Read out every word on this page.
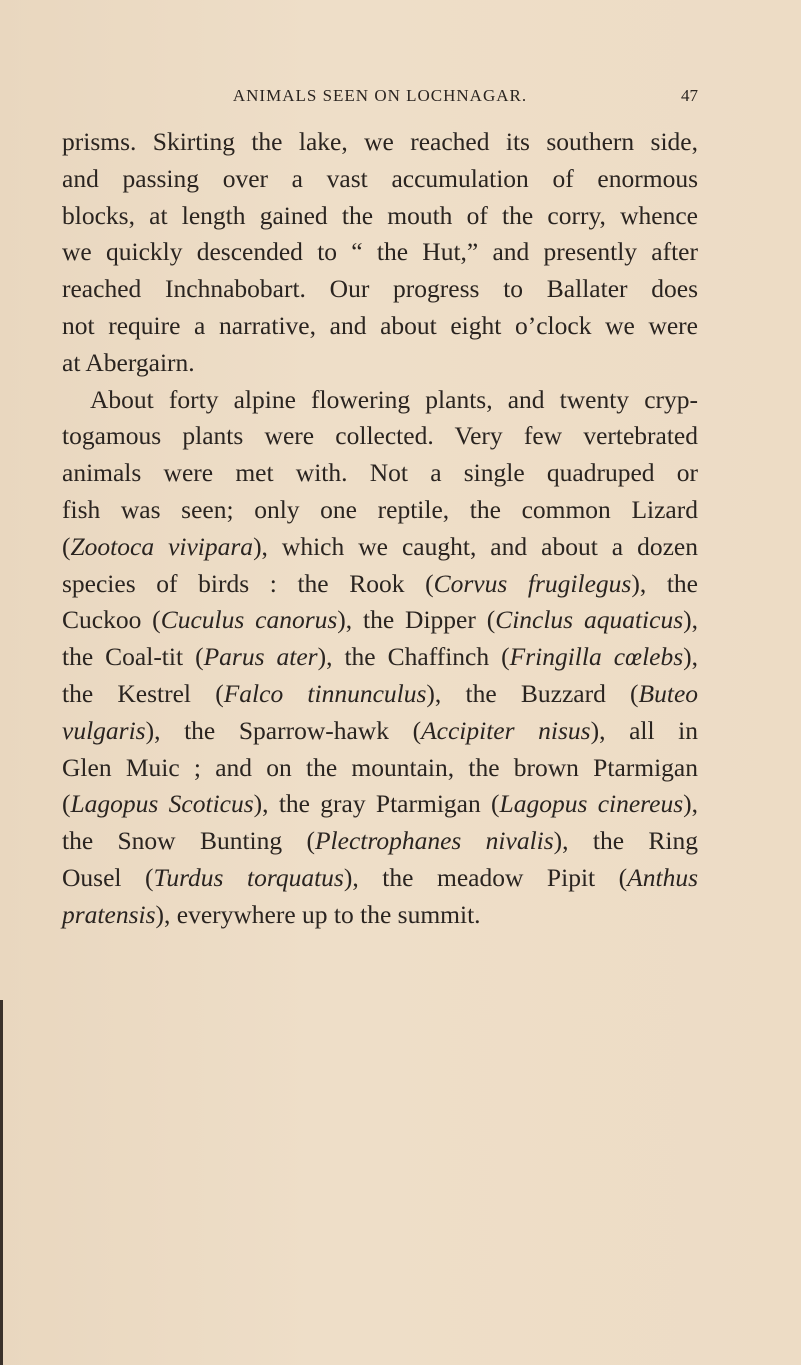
ANIMALS SEEN ON LOCHNAGAR.	47
prisms. Skirting the lake, we reached its southern side,
and passing over a vast accumulation of enormous
blocks, at length gained the mouth of the corry, whence
we quickly descended to “ the Hut,” and presently after
reached Inchnabobart. Our progress to Ballater does
not require a narrative, and about eight o’clock we were
at Abergairn.
About forty alpine flowering plants, and twenty cryp-
togamous plants were collected. Very few vertebrated
animals were met with. Not a single quadruped or
fish was seen; only one reptile, the common Lizard
(Zootoca vivipara), which we caught, and about a dozen
species of birds : the Rook (Corvus frugilegus), the
Cuckoo (Cuculus canorus), the Dipper (Cinclus aquaticus),
the Coal-tit (Parus ater), the Chaffinch (Fringilla cœlebs),
the Kestrel (Falco tinnunculus), the Buzzard (Buteo
vulgaris), the Sparrow-hawk (Accipiter nisus), all in
Glen Muic ; and on the mountain, the brown Ptarmigan
(Lagopus Scoticus), the gray Ptarmigan (Lagopus cinereus),
the Snow Bunting (Plectrophanes nivalis), the Ring
Ousel (Turdus torquatus), the meadow Pipit (Anthus
pratensis), everywhere up to the summit.
